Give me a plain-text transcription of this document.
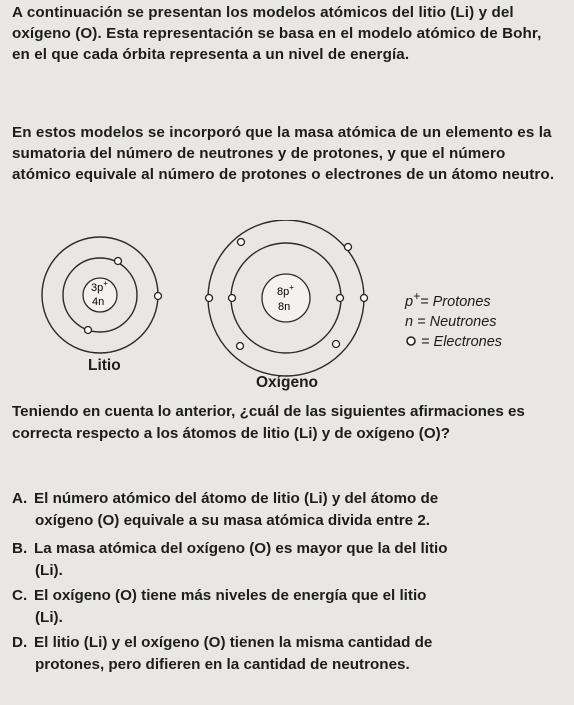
A continuación se presentan los modelos atómicos del litio (Li) y del oxígeno (O). Esta representación se basa en el modelo atómico de Bohr, en el que cada órbita representa a un nivel de energía.
En estos modelos se incorporó que la masa atómica de un elemento es la sumatoria del número de neutrones y de protones, y que el número atómico equivale al número de protones o electrones de un átomo neutro.
3p+
4n
8p+
8n
Litio
Oxígeno
p+= Protones
n = Neutrones
= Electrones
Teniendo en cuenta lo anterior, ¿cuál de las siguientes afirmaciones es correcta respecto a los átomos de litio (Li) y de oxígeno (O)?
A. El número atómico del átomo de litio (Li) y del átomo de
oxígeno (O) equivale a su masa atómica divida entre 2.
B. La masa atómica del oxígeno (O) es mayor que la del litio
(Li).
C. El oxígeno (O) tiene más niveles de energía que el litio
(Li).
D. El litio (Li) y el oxígeno (O) tienen la misma cantidad de
protones, pero difieren en la cantidad de neutrones.
